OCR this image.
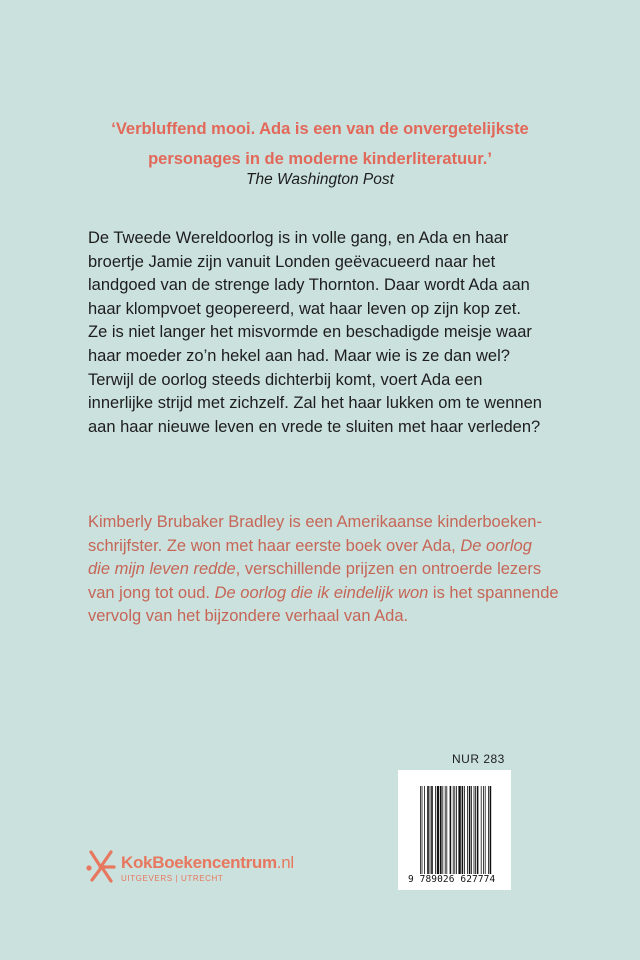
‘Verbluffend mooi. Ada is een van de onvergetelijkste
personages in de moderne kinderliteratuur.’
The Washington Post
De Tweede Wereldoorlog is in volle gang, en Ada en haar
broertje Jamie zijn vanuit Londen geëvacueerd naar het
landgoed van de strenge lady Thornton. Daar wordt Ada aan
haar klompvoet geopereerd, wat haar leven op zijn kop zet.
Ze is niet langer het misvormde en beschadigde meisje waar
haar moeder zo’n hekel aan had. Maar wie is ze dan wel?
Terwijl de oorlog steeds dichterbij komt, voert Ada een
innerlijke strijd met zichzelf. Zal het haar lukken om te wennen
aan haar nieuwe leven en vrede te sluiten met haar verleden?
Kimberly Brubaker Bradley is een Amerikaanse kinderboeken-
schrijfster. Ze won met haar eerste boek over Ada, De oorlog
die mijn leven redde, verschillende prijzen en ontroerde lezers
van jong tot oud. De oorlog die ik eindelijk won is het spannende
vervolg van het bijzondere verhaal van Ada.
KokBoekencentrum.nl
UITGEVERS | UTRECHT
NUR 283
9 789026 627774
